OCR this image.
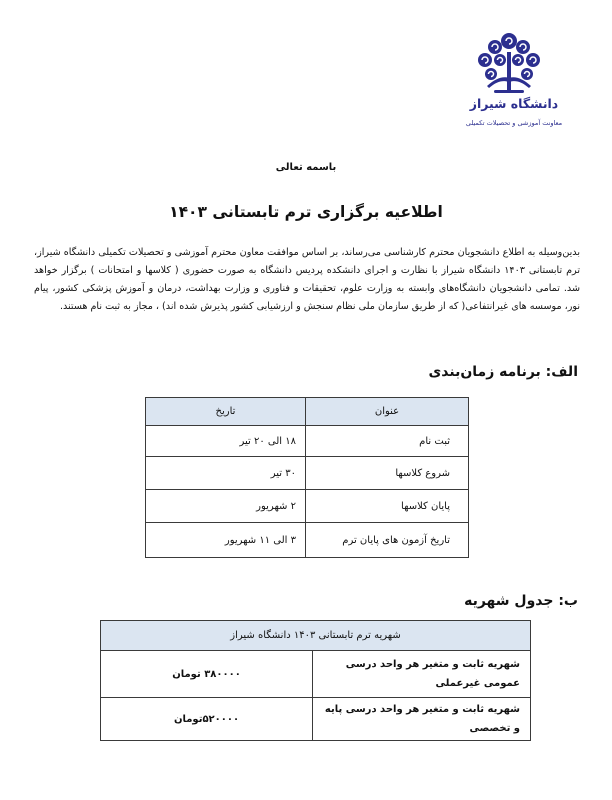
دانشگاه شیراز
معاونت آموزشی و تحصیلات تکمیلی
باسمه تعالی
اطلاعیه برگزاری ترم تابستانی ۱۴۰۳

بدین‌وسیله به اطلاع دانشجویان محترم کارشناسی می‌رساند، بر اساس موافقت معاون محترم آموزشی و تحصیلات تکمیلی دانشگاه شیراز، ترم تابستانی ۱۴۰۳ دانشگاه شیراز با نظارت و اجرای دانشکده پردیس دانشگاه به صورت حضوری ( کلاسها و امتحانات ) برگزار خواهد شد. تمامی دانشجویان دانشگاه‌های وابسته به وزارت علوم، تحقیقات و فناوری و وزارت بهداشت، درمان و آموزش پزشکی کشور، پیام نور، موسسه های غیرانتفاعی( که از طریق سازمان ملی نظام سنجش و ارزشیابی کشور پذیرش شده اند) ، مجاز به ثبت نام هستند.

الف: برنامه زمان‌بندی
عنوان	تاریخ
ثبت نام	۱۸ الی ۲۰ تیر
شروع کلاسها	۳۰ تیر
پایان کلاسها	۲ شهریور
تاریخ آزمون های پایان ترم	۳ الی ۱۱ شهریور
ب: جدول شهریه
شهریه ترم تابستانی ۱۴۰۳ دانشگاه شیراز	
شهریه ثابت و متغیر هر واحد درسی عمومی غیرعملی	۳۸۰۰۰۰ تومان
شهریه ثابت و متغیر هر واحد درسی پایه و تخصصی	۵۲۰۰۰۰تومان
